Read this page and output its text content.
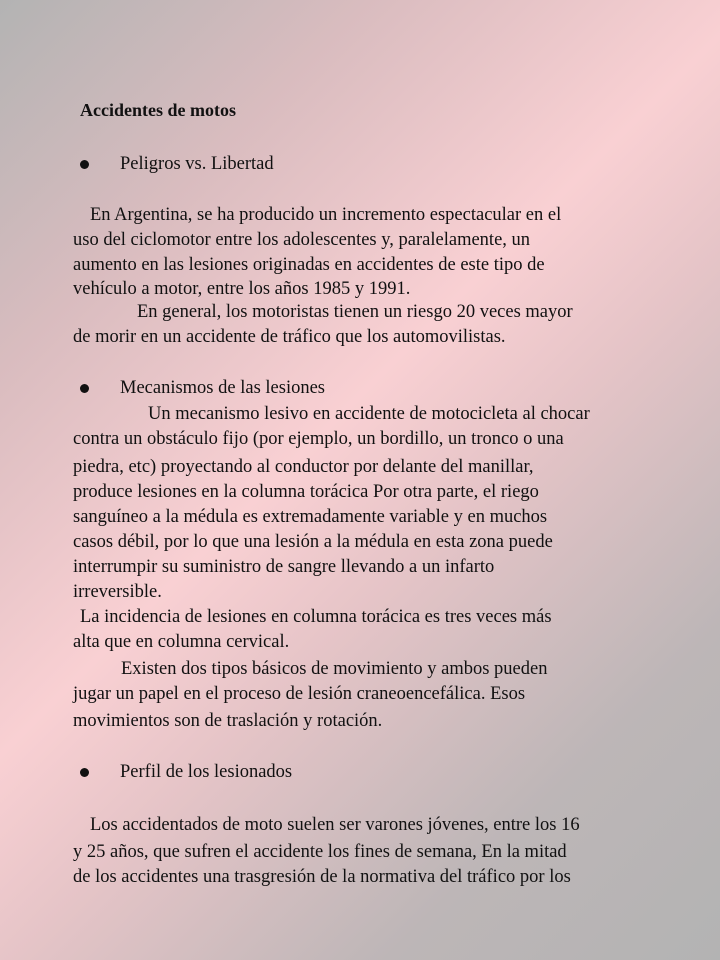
Accidentes de motos
Peligros vs. Libertad
En Argentina, se ha producido un incremento espectacular en el
uso del ciclomotor entre los adolescentes y, paralelamente, un
aumento en las lesiones originadas en accidentes de este tipo de
vehículo a motor, entre los años 1985 y 1991.
En general, los motoristas tienen un riesgo 20 veces mayor
de morir en un accidente de tráfico que los automovilistas.
Mecanismos de las lesiones
Un mecanismo lesivo en accidente de motocicleta al chocar
contra un obstáculo fijo (por ejemplo, un bordillo, un tronco o una
piedra, etc) proyectando al conductor por delante del manillar,
produce lesiones en la columna torácica Por otra parte, el riego
sanguíneo a la médula es extremadamente variable y en muchos
casos débil, por lo que una lesión a la médula en esta zona puede
interrumpir su suministro de sangre llevando a un infarto
irreversible.
La incidencia de lesiones en columna torácica es tres veces más
alta que en columna cervical.
Existen dos tipos básicos de movimiento y ambos pueden
jugar un papel en el proceso de lesión craneoencefálica. Esos
movimientos son de traslación y rotación.
Perfil de los lesionados
Los accidentados de moto suelen ser varones jóvenes, entre los 16
y 25 años, que sufren el accidente los fines de semana, En la mitad
de los accidentes una trasgresión de la normativa del tráfico por los
